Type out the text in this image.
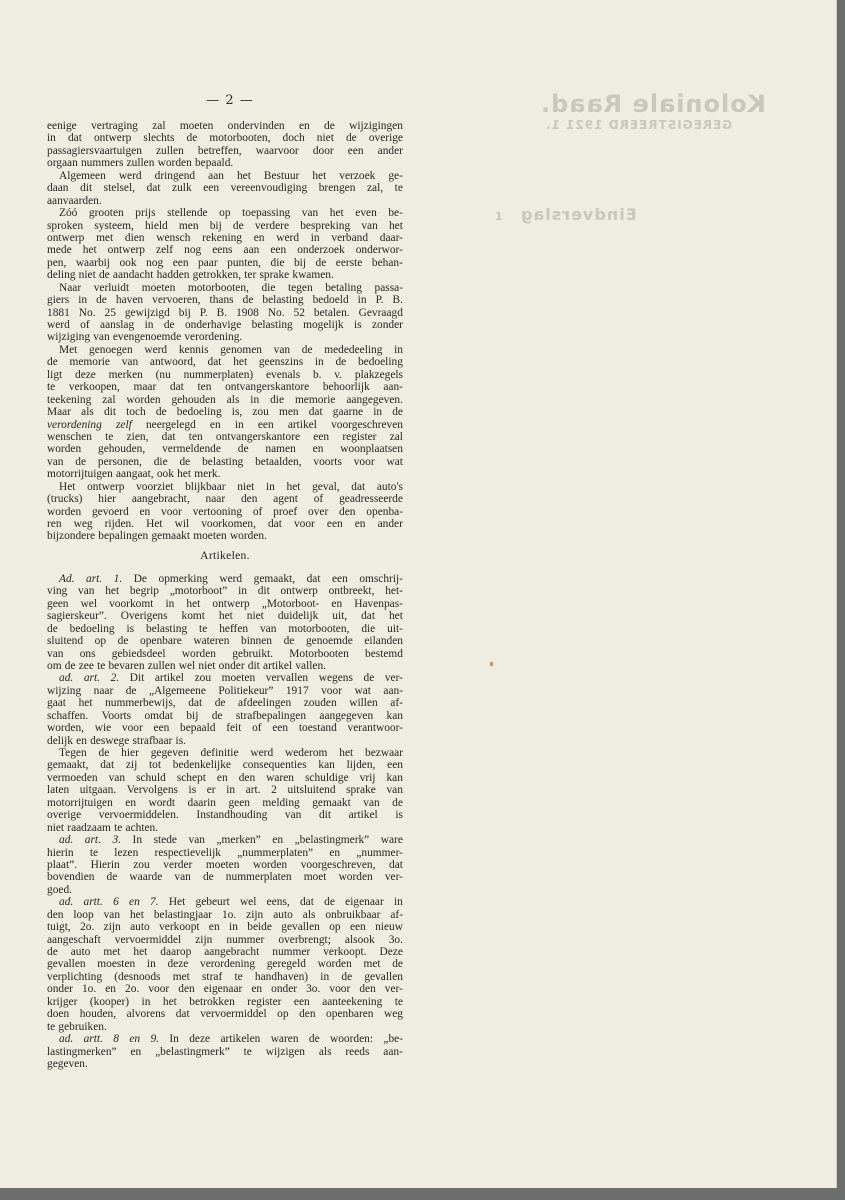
Koloniale Raad.
GEREGISTREERD 1921 1.
Eindverslag
1
— 2 —
eenige vertraging zal moeten ondervinden en de wijzigingen
in dat ontwerp slechts de motorbooten, doch niet de overige
passagiersvaartuigen zullen betreffen, waarvoor door een ander
orgaan nummers zullen worden bepaald.
Algemeen werd dringend aan het Bestuur het verzoek ge-
daan dit stelsel, dat zulk een vereenvoudiging brengen zal, te
aanvaarden.
Zóó grooten prijs stellende op toepassing van het even be-
sproken systeem, hield men bij de verdere bespreking van het
ontwerp met dien wensch rekening en werd in verband daar-
mede het ontwerp zelf nog eens aan een onderzoek onderwor-
pen, waarbij ook nog een paar punten, die bij de eerste behan-
deling niet de aandacht hadden getrokken, ter sprake kwamen.
Naar verluidt moeten motorbooten, die tegen betaling passa-
giers in de haven vervoeren, thans de belasting bedoeld in P. B.
1881 No. 25 gewijzigd bij P. B. 1908 No. 52 betalen. Gevraagd
werd of aanslag in de onderhavige belasting mogelijk is zonder
wijziging van evengenoemde verordening.
Met genoegen werd kennis genomen van de mededeeling in
de memorie van antwoord, dat het geenszins in de bedoeling
ligt deze merken (nu nummerplaten) evenals b. v. plakzegels
te verkoopen, maar dat ten ontvangerskantore behoorlijk aan-
teekening zal worden gehouden als in die memorie aangegeven.
Maar als dit toch de bedoeling is, zou men dat gaarne in de
verordening zelf neergelegd en in een artikel voorgeschreven
wenschen te zien, dat ten ontvangerskantore een register zal
worden gehouden, vermeldende de namen en woonplaatsen
van de personen, die de belasting betaalden, voorts voor wat
motorrijtuigen aangaat, ook het merk.
Het ontwerp voorziet blijkbaar niet in het geval, dat auto's
(trucks) hier aangebracht, naar den agent of geadresseerde
worden gevoerd en voor vertooning of proef over den openba-
ren weg rijden. Het wil voorkomen, dat voor een en ander
bijzondere bepalingen gemaakt moeten worden.
Artikelen.
Ad. art. 1. De opmerking werd gemaakt, dat een omschrij-
ving van het begrip „motorboot” in dit ontwerp ontbreekt, het-
geen wel voorkomt in het ontwerp „Motorboot- en Havenpas-
sagierskeur”. Overigens komt het niet duidelijk uit, dat het
de bedoeling is belasting te heffen van motorbooten, die uit-
sluitend op de openbare wateren binnen de genoemde eilanden
van ons gebiedsdeel worden gebruikt. Motorbooten bestemd
om de zee te bevaren zullen wel niet onder dit artikel vallen.
ad. art. 2. Dit artikel zou moeten vervallen wegens de ver-
wijzing naar de „Algemeene Politiekeur” 1917 voor wat aan-
gaat het nummerbewijs, dat de afdeelingen zouden willen af-
schaffen. Voorts omdat bij de strafbepalingen aangegeven kan
worden, wie voor een bepaald feit of een toestand verantwoor-
delijk en deswege strafbaar is.
Tegen de hier gegeven definitie werd wederom het bezwaar
gemaakt, dat zij tot bedenkelijke consequenties kan lijden, een
vermoeden van schuld schept en den waren schuldige vrij kan
laten uitgaan. Vervolgens is er in art. 2 uitsluitend sprake van
motorrijtuigen en wordt daarin geen melding gemaakt van de
overige vervoermiddelen. Instandhouding van dit artikel is
niet raadzaam te achten.
ad. art. 3. In stede van „merken” en „belastingmerk” ware
hierin te lezen respectievelijk „nummerplaten” en „nummer-
plaat”. Hierin zou verder moeten worden voorgeschreven, dat
bovendien de waarde van de nummerplaten moet worden ver-
goed.
ad. artt. 6 en 7. Het gebeurt wel eens, dat de eigenaar in
den loop van het belastingjaar 1o. zijn auto als onbruikbaar af-
tuigt, 2o. zijn auto verkoopt en in beide gevallen op een nieuw
aangeschaft vervoermiddel zijn nummer overbrengt; alsook 3o.
de auto met het daarop aangebracht nummer verkoopt. Deze
gevallen moesten in deze verordening geregeld worden met de
verplichting (desnoods met straf te handhaven) in de gevallen
onder 1o. en 2o. voor den eigenaar en onder 3o. voor den ver-
krijger (kooper) in het betrokken register een aanteekening te
doen houden, alvorens dat vervoermiddel op den openbaren weg
te gebruiken.
ad. artt. 8 en 9. In deze artikelen waren de woorden: „be-
lastingmerken” en „belastingmerk” te wijzigen als reeds aan-
gegeven.
